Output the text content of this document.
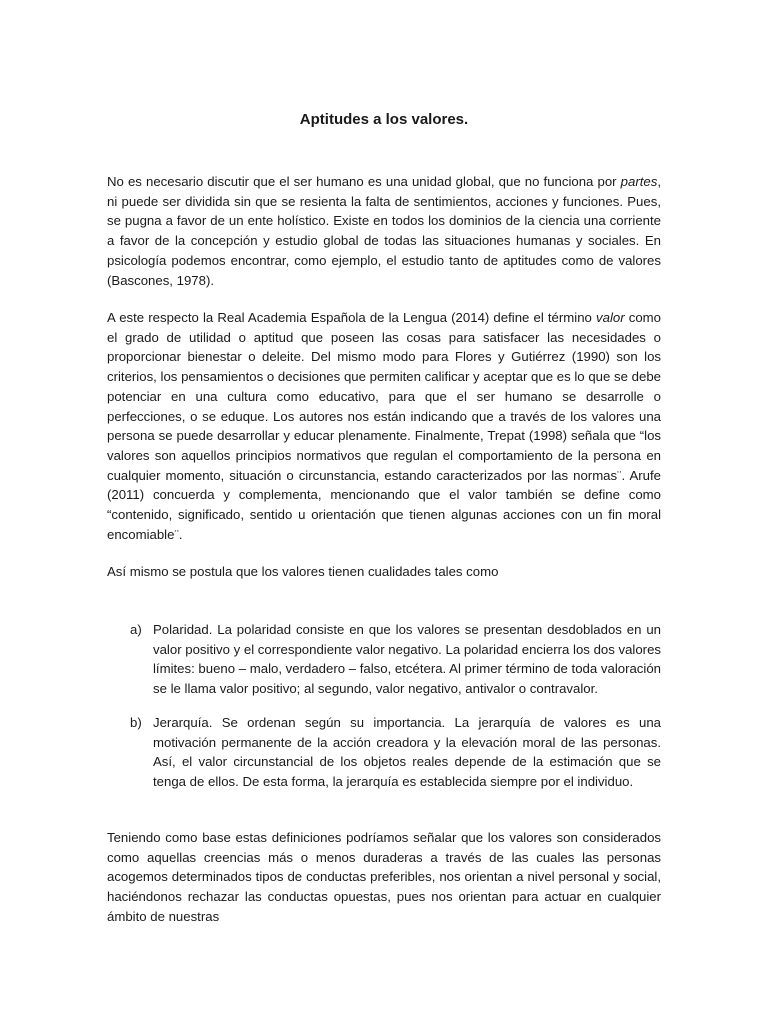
Aptitudes a los valores.

No es necesario discutir que el ser humano es una unidad global, que no funciona por partes, ni puede ser dividida sin que se resienta la falta de sentimientos, acciones y funciones. Pues, se pugna a favor de un ente holístico. Existe en todos los dominios de la ciencia una corriente a favor de la concepción y estudio global de todas las situaciones humanas y sociales. En psicología podemos encontrar, como ejemplo, el estudio tanto de aptitudes como de valores (Bascones, 1978).

A este respecto la Real Academia Española de la Lengua (2014) define el término valor como el grado de utilidad o aptitud que poseen las cosas para satisfacer las necesidades o proporcionar bienestar o deleite. Del mismo modo para Flores y Gutiérrez (1990) son los criterios, los pensamientos o decisiones que permiten calificar y aceptar que es lo que se debe potenciar en una cultura como educativo, para que el ser humano se desarrolle o perfecciones, o se eduque. Los autores nos están indicando que a través de los valores una persona se puede desarrollar y educar plenamente. Finalmente, Trepat (1998) señala que “los valores son aquellos principios normativos que regulan el comportamiento de la persona en cualquier momento, situación o circunstancia, estando caracterizados por las normas¨. Arufe (2011) concuerda y complementa, mencionando que el valor también se define como “contenido, significado, sentido u orientación que tienen algunas acciones con un fin moral encomiable¨.

Así mismo se postula que los valores tienen cualidades tales como

a) Polaridad. La polaridad consiste en que los valores se presentan desdoblados en un valor positivo y el correspondiente valor negativo. La polaridad encierra los dos valores límites: bueno – malo, verdadero – falso, etcétera. Al primer término de toda valoración se le llama valor positivo; al segundo, valor negativo, antivalor o contravalor.

b) Jerarquía. Se ordenan según su importancia. La jerarquía de valores es una motivación permanente de la acción creadora y la elevación moral de las personas. Así, el valor circunstancial de los objetos reales depende de la estimación que se tenga de ellos. De esta forma, la jerarquía es establecida siempre por el individuo.

Teniendo como base estas definiciones podríamos señalar que los valores son considerados como aquellas creencias más o menos duraderas a través de las cuales las personas acogemos determinados tipos de conductas preferibles, nos orientan a nivel personal y social, haciéndonos rechazar las conductas opuestas, pues nos orientan para actuar en cualquier ámbito de nuestras
